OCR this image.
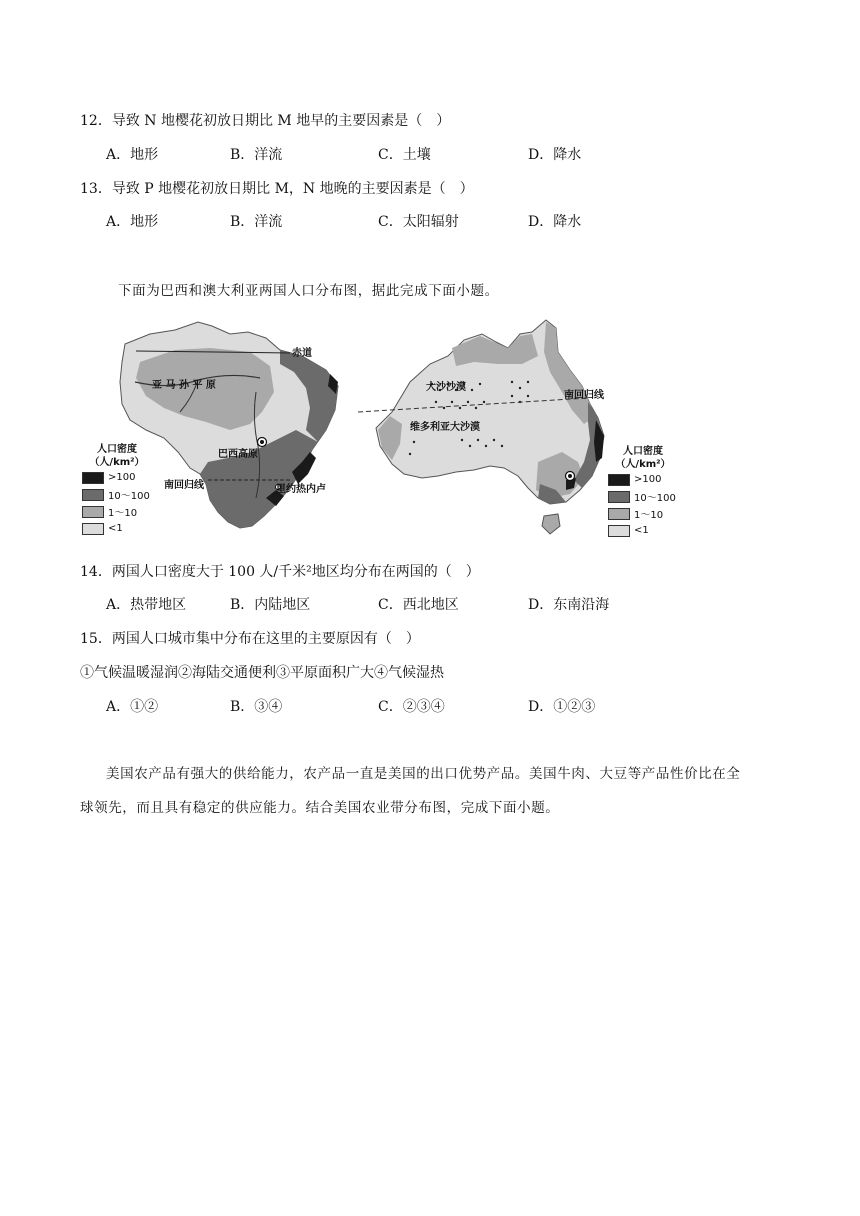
12．导致 N 地樱花初放日期比 M 地早的主要因素是（　）
A．地形	B．洋流	C．土壤	D．降水
13．导致 P 地樱花初放日期比 M，N 地晚的主要因素是（　）
A．地形	B．洋流	C．太阳辐射	D．降水
下面为巴西和澳大利亚两国人口分布图，据此完成下面小题。
赤道
亚 马 孙 平 原
巴西高原
南回归线	里约热内卢
人口密度
（人/km²）
>100
10～100
1～10
<1
大沙沙漠
维多利亚大沙漠
南回归线
人口密度
（人/km²）
>100
10～100
1～10
<1
14．两国人口密度大于 100 人/千米²地区均分布在两国的（　）
A．热带地区	B．内陆地区	C．西北地区	D．东南沿海
15．两国人口城市集中分布在这里的主要原因有（　）
①气候温暖湿润②海陆交通便利③平原面积广大④气候湿热
A．①②	B．③④	C．②③④	D．①②③
美国农产品有强大的供给能力，农产品一直是美国的出口优势产品。美国牛肉、大豆等产品性价比在全
球领先，而且具有稳定的供应能力。结合美国农业带分布图，完成下面小题。
